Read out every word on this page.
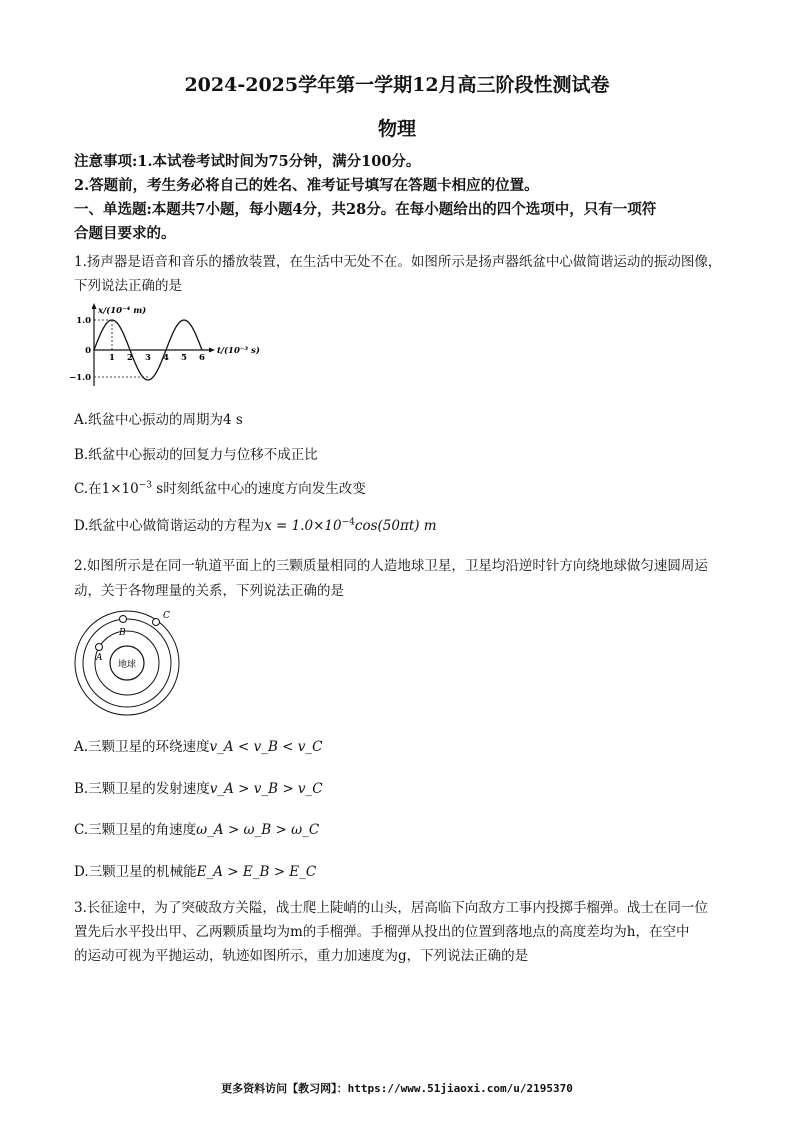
2024-2025学年第一学期12月高三阶段性测试卷
物理
注意事项:1.本试卷考试时间为75分钟，满分100分。
2.答题前，考生务必将自己的姓名、准考证号填写在答题卡相应的位置。
一、单选题:本题共7小题，每小题4分，共28分。在每小题给出的四个选项中，只有一项符
合题目要求的。
1.扬声器是语音和音乐的播放装置，在生活中无处不在。如图所示是扬声器纸盆中心做简谐运动的振动图像，
下列说法正确的是
x/(10⁻⁴ m)
t/(10⁻³ s)
1.0
0
−1.0
1 2 3 4 5 6
A.纸盆中心振动的周期为4 s
B.纸盆中心振动的回复力与位移不成正比
C.在$1\times 10^{-3}$ s时刻纸盆中心的速度方向发生改变
D.纸盆中心做简谐运动的方程为$x = 1.0\times 10^{-4}\cos(50\pi t)$ m
2.如图所示是在同一轨道平面上的三颗质量相同的人造地球卫星，卫星均沿逆时针方向绕地球做匀速圆周运
动，关于各物理量的关系，下列说法正确的是
地球
A
B
C
A.三颗卫星的环绕速度v_A < v_B < v_C
B.三颗卫星的发射速度v_A > v_B > v_C
C.三颗卫星的角速度ω_A > ω_B > ω_C
D.三颗卫星的机械能E_A > E_B > E_C
3.长征途中，为了突破敌方关隘，战士爬上陡峭的山头，居高临下向敌方工事内投掷手榴弹。战士在同一位
置先后水平投出甲、乙两颗质量均为m的手榴弹。手榴弹从投出的位置到落地点的高度差均为h，在空中
的运动可视为平抛运动，轨迹如图所示，重力加速度为g，下列说法正确的是
更多资料访问【教习网】：https://www.51jiaoxi.com/u/2195370
